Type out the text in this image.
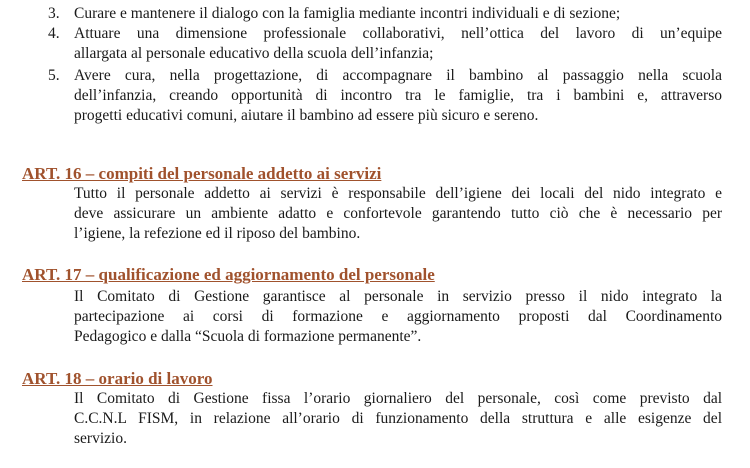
3. Curare e mantenere il dialogo con la famiglia mediante incontri individuali e di sezione;
4. Attuare una dimensione professionale collaborativi, nell’ottica del lavoro di un’equipe
allargata al personale educativo della scuola dell’infanzia;
5. Avere cura, nella progettazione, di accompagnare il bambino al passaggio nella scuola
dell’infanzia, creando opportunità di incontro tra le famiglie, tra i bambini e, attraverso
progetti educativi comuni, aiutare il bambino ad essere più sicuro e sereno.
ART. 16 – compiti del personale addetto ai servizi
Tutto il personale addetto ai servizi è responsabile dell’igiene dei locali del nido integrato e
deve assicurare un ambiente adatto e confortevole garantendo tutto ciò che è necessario per
l’igiene, la refezione ed il riposo del bambino.
ART. 17 – qualificazione ed aggiornamento del personale
Il Comitato di Gestione garantisce al personale in servizio presso il nido integrato la
partecipazione ai corsi di formazione e aggiornamento proposti dal Coordinamento
Pedagogico e dalla “Scuola di formazione permanente”.
ART. 18 – orario di lavoro
Il Comitato di Gestione fissa l’orario giornaliero del personale, così come previsto dal
C.C.N.L FISM, in relazione all’orario di funzionamento della struttura e alle esigenze del
servizio.
